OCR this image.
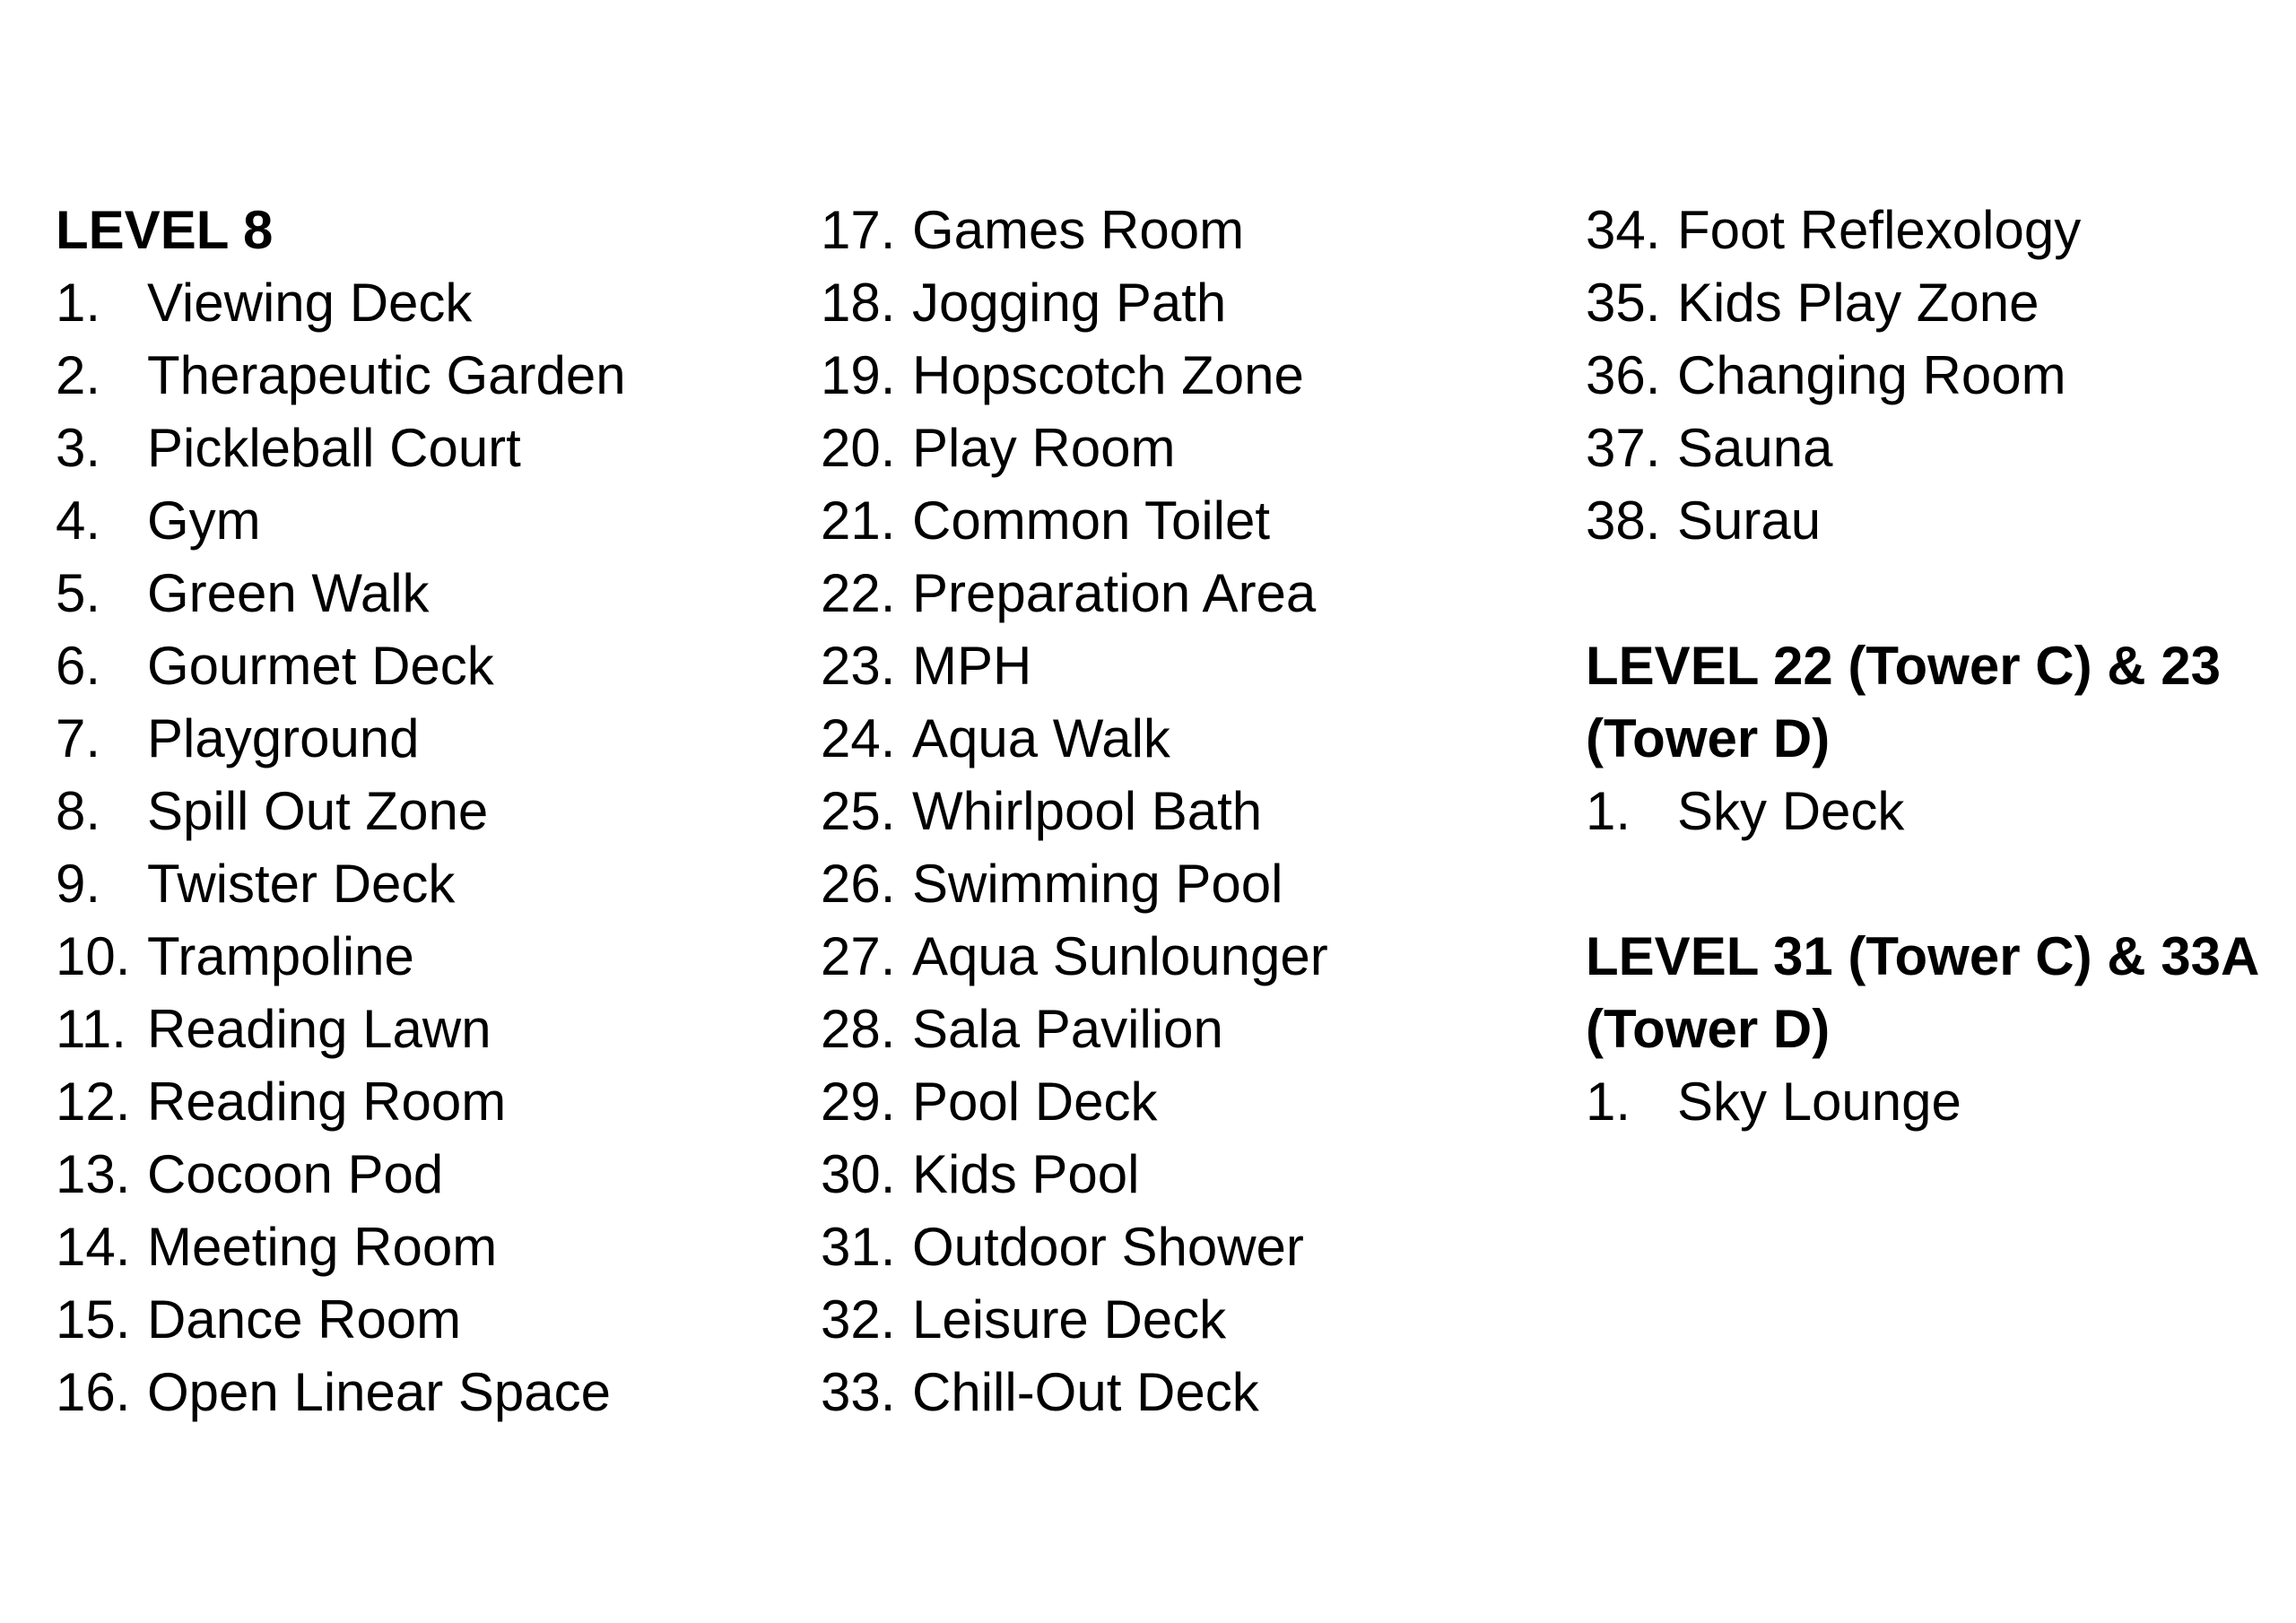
LEVEL 8
1. Viewing Deck
2. Therapeutic Garden
3. Pickleball Court
4. Gym
5. Green Walk
6. Gourmet Deck
7. Playground
8. Spill Out Zone
9. Twister Deck
10. Trampoline
11. Reading Lawn
12. Reading Room
13. Cocoon Pod
14. Meeting Room
15. Dance Room
16. Open Linear Space
17. Games Room
18. Jogging Path
19. Hopscotch Zone
20. Play Room
21. Common Toilet
22. Preparation Area
23. MPH
24. Aqua Walk
25. Whirlpool Bath
26. Swimming Pool
27. Aqua Sunlounger
28. Sala Pavilion
29. Pool Deck
30. Kids Pool
31. Outdoor Shower
32. Leisure Deck
33. Chill-Out Deck
34. Foot Reflexology
35. Kids Play Zone
36. Changing Room
37. Sauna
38. Surau
LEVEL 22 (Tower C) & 23
(Tower D)
1. Sky Deck
LEVEL 31 (Tower C) & 33A
(Tower D)
1. Sky Lounge
